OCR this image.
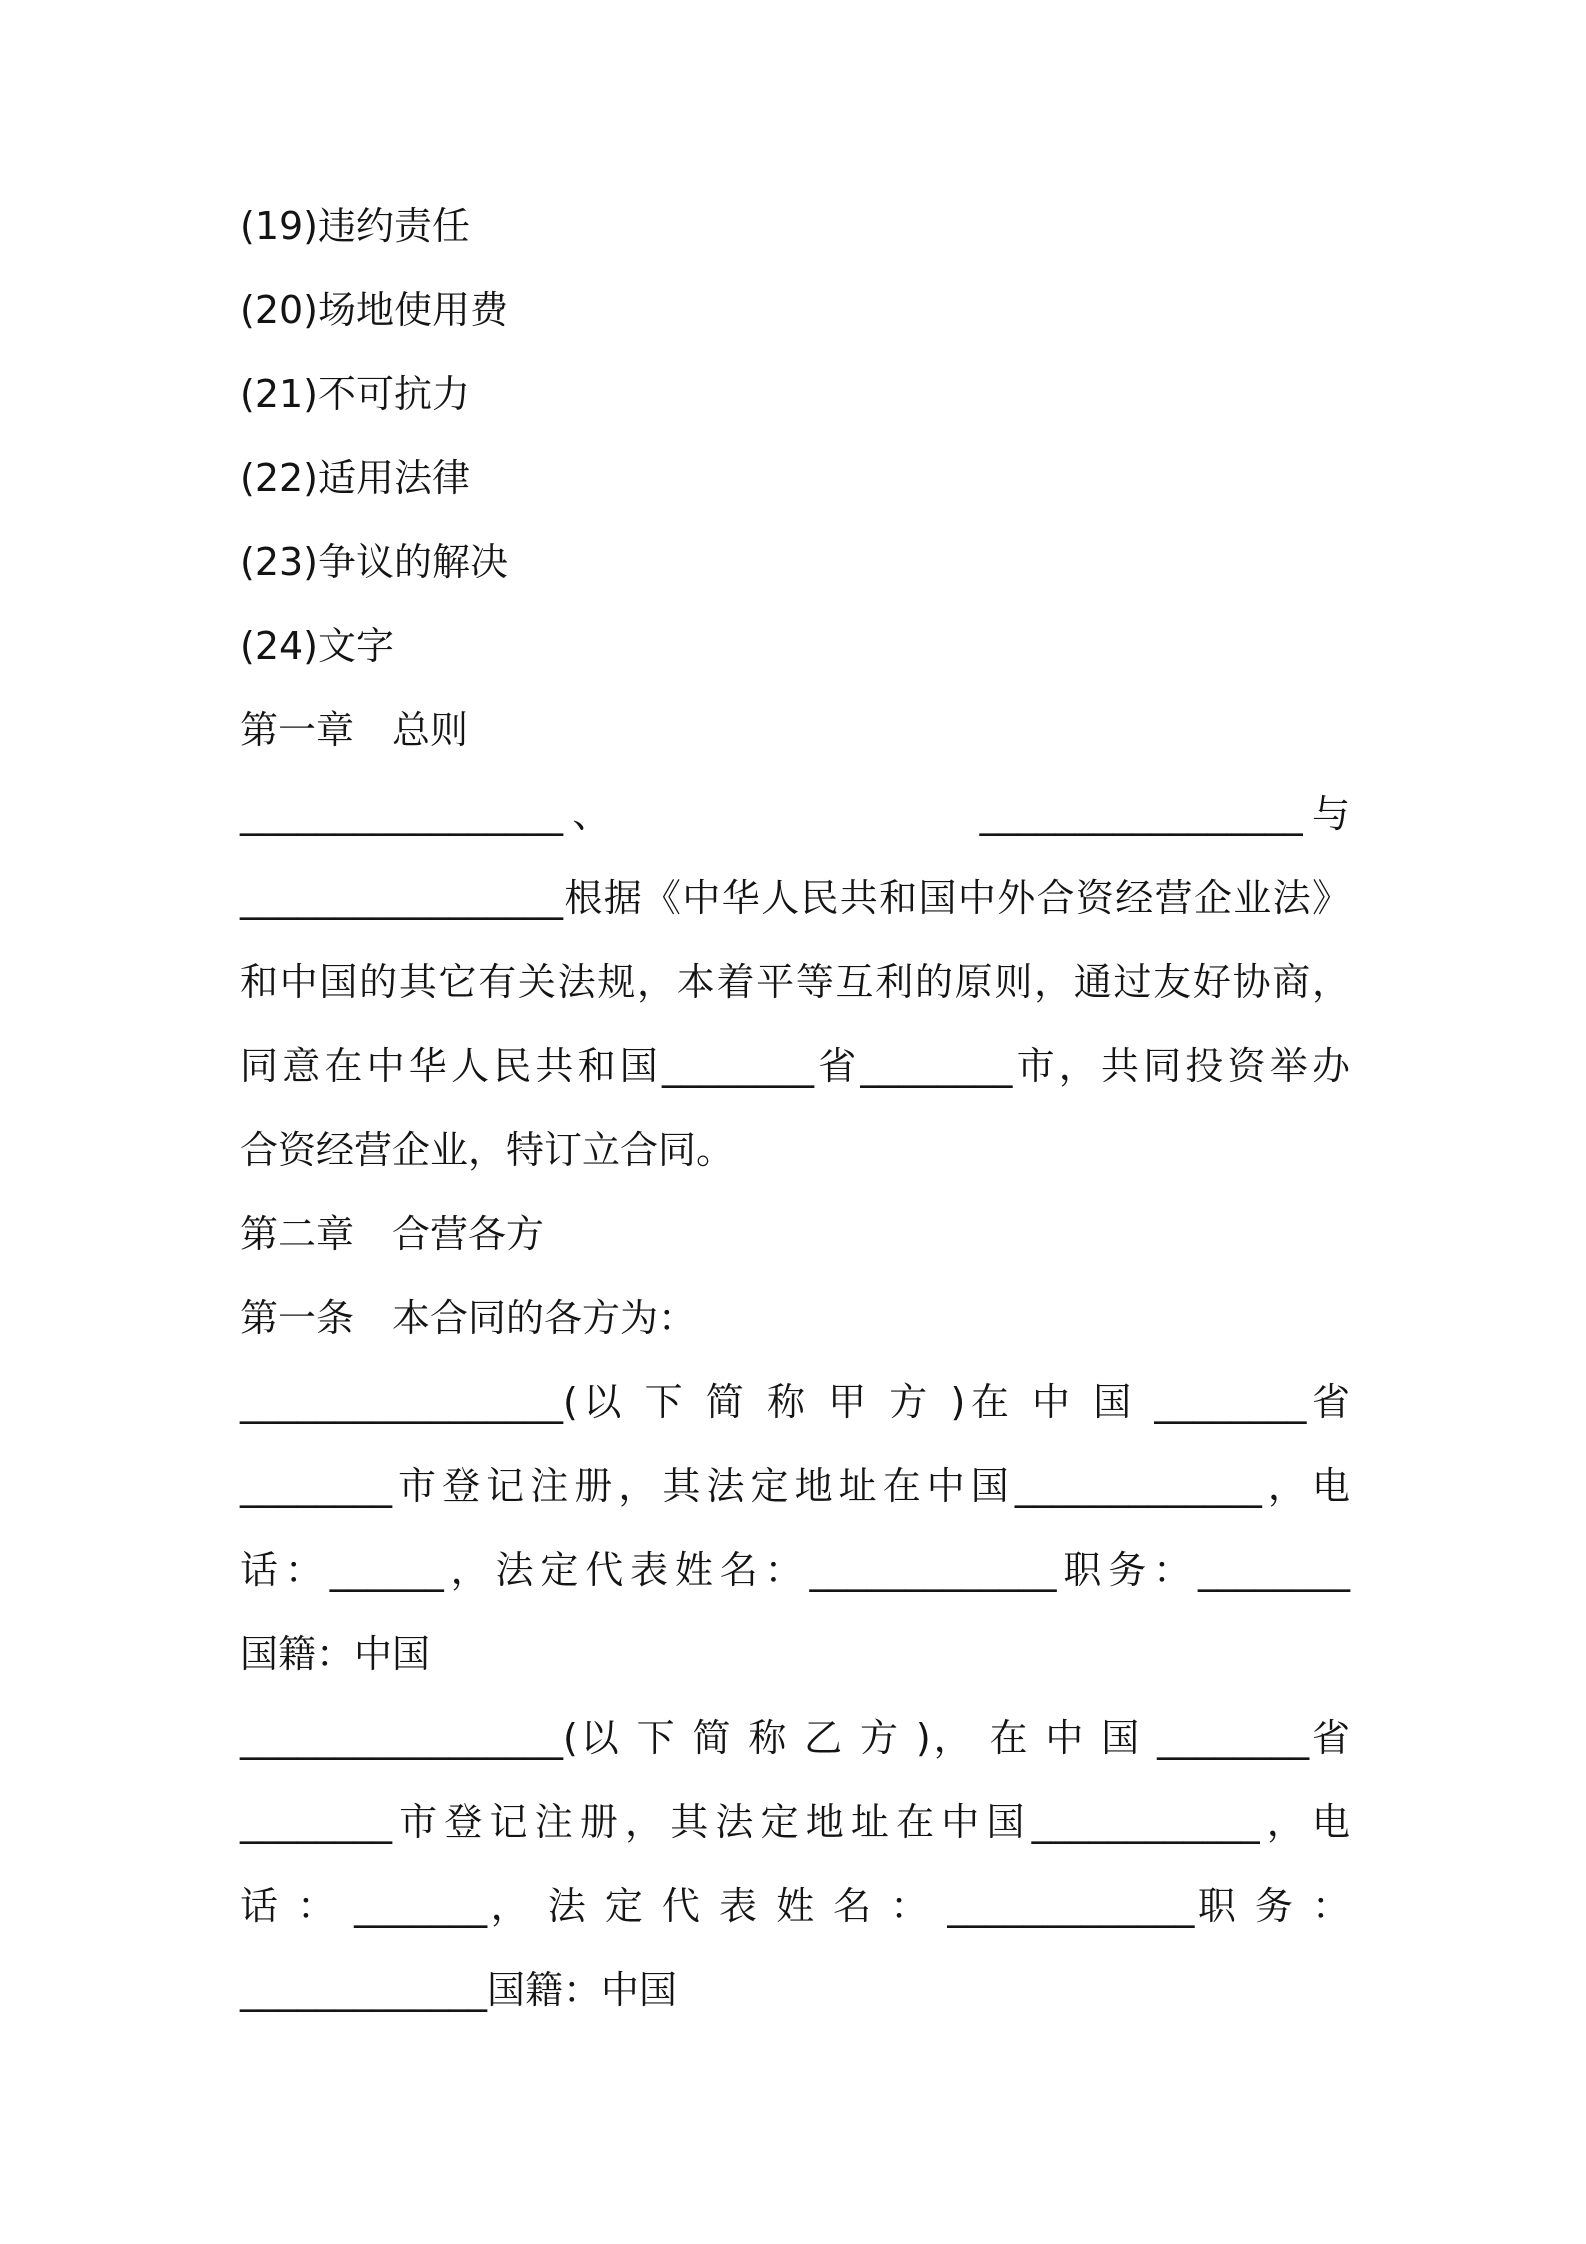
(19)违约责任
(20)场地使用费
(21)不可抗力
(22)适用法律
(23)争议的解决
(24)文字
第一章　总则
_________________、　　　　　　　　_________________与
_________________根据《中华人民共和国中外合资经营企业法》
和中国的其它有关法规，本着平等互利的原则，通过友好协商，
同意在中华人民共和国________省________市，共同投资举办
合资经营企业，特订立合同。
第二章　合营各方
第一条　本合同的各方为：
_________________(以 下 简 称 甲 方 )在 中 国 ________省
________市登记注册，其法定地址在中国_____________，电
话：______，法定代表姓名：_____________职务：________
国籍：中国
_________________(以 下 简 称 乙 方 )， 在 中 国 ________省
________市登记注册，其法定地址在中国____________，电
话 ： _______， 法 定 代 表 姓 名 ： _____________职 务 ：
_____________国籍：中国
